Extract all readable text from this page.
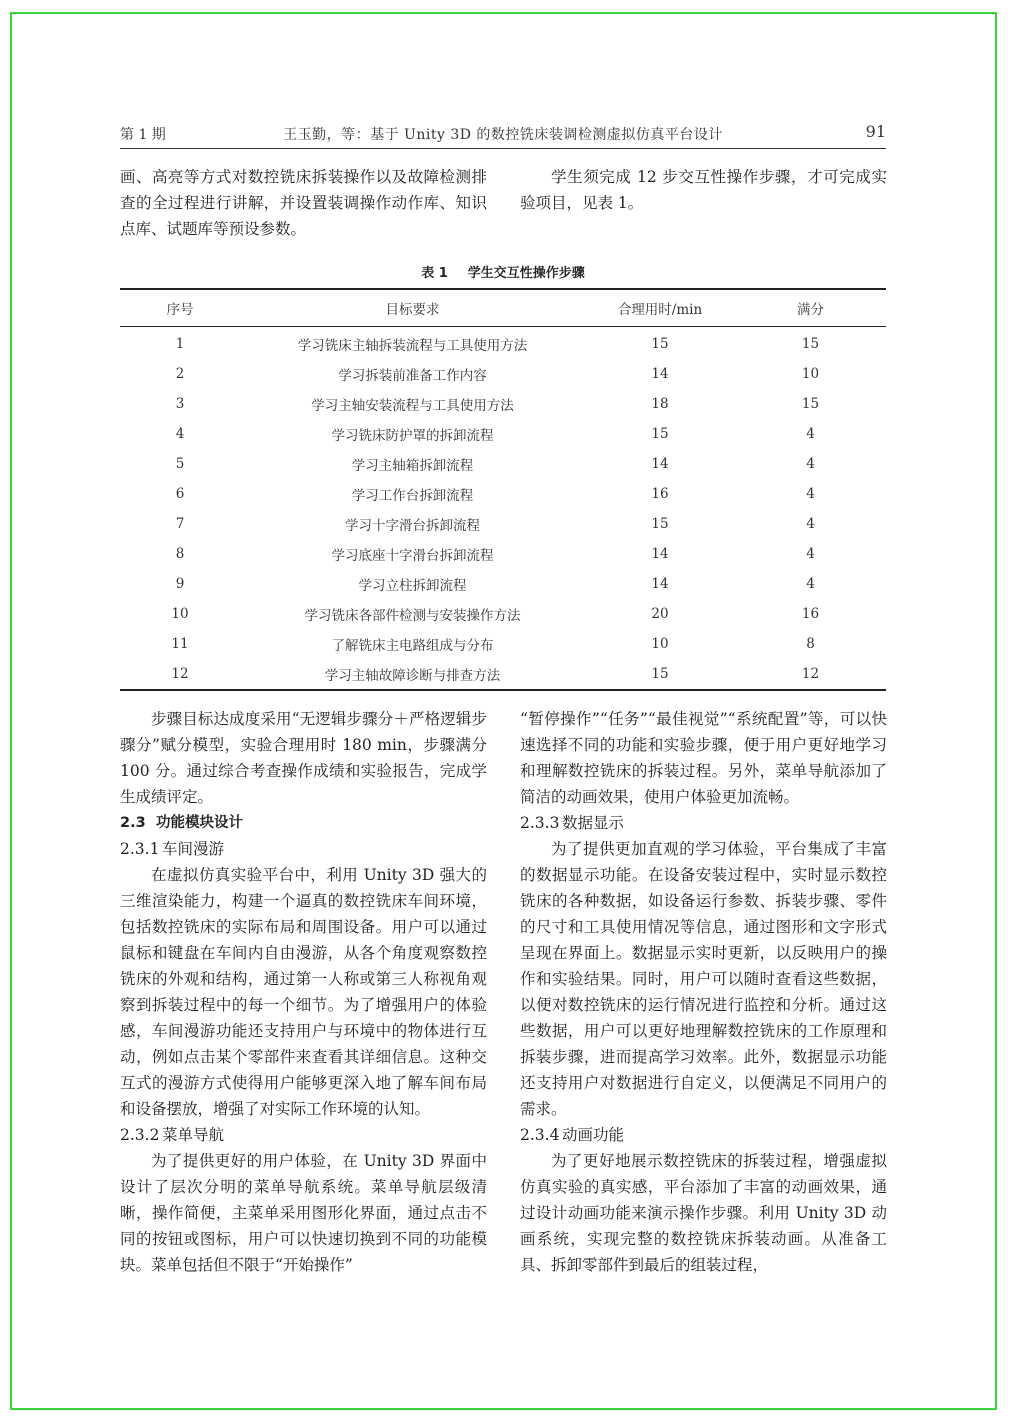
第 1 期	王玉勤，等：基于 Unity 3D 的数控铣床装调检测虚拟仿真平台设计	91

画、高亮等方式对数控铣床拆装操作以及故障检测排查的全过程进行讲解，并设置装调操作动作库、知识点库、试题库等预设参数。

学生须完成 12 步交互性操作步骤，才可完成实验项目，见表 1。

表 1 学生交互性操作步骤
序号	目标要求	合理用时/min	满分
1	学习铣床主轴拆装流程与工具使用方法	15	15
2	学习拆装前准备工作内容	14	10
3	学习主轴安装流程与工具使用方法	18	15
4	学习铣床防护罩的拆卸流程	15	4
5	学习主轴箱拆卸流程	14	4
6	学习工作台拆卸流程	16	4
7	学习十字滑台拆卸流程	15	4
8	学习底座十字滑台拆卸流程	14	4
9	学习立柱拆卸流程	14	4
10	学习铣床各部件检测与安装操作方法	20	16
11	了解铣床主电路组成与分布	10	8
12	学习主轴故障诊断与排查方法	15	12

步骤目标达成度采用“无逻辑步骤分＋严格逻辑步骤分”赋分模型，实验合理用时 180 min，步骤满分 100 分。通过综合考查操作成绩和实验报告，完成学生成绩评定。

2.3 功能模块设计

2.3.1 车间漫游

在虚拟仿真实验平台中，利用 Unity 3D 强大的三维渲染能力，构建一个逼真的数控铣床车间环境，包括数控铣床的实际布局和周围设备。用户可以通过鼠标和键盘在车间内自由漫游，从各个角度观察数控铣床的外观和结构，通过第一人称或第三人称视角观察到拆装过程中的每一个细节。为了增强用户的体验感，车间漫游功能还支持用户与环境中的物体进行互动，例如点击某个零部件来查看其详细信息。这种交互式的漫游方式使得用户能够更深入地了解车间布局和设备摆放，增强了对实际工作环境的认知。

2.3.2 菜单导航

为了提供更好的用户体验，在 Unity 3D 界面中设计了层次分明的菜单导航系统。菜单导航层级清晰，操作简便，主菜单采用图形化界面，通过点击不同的按钮或图标，用户可以快速切换到不同的功能模块。菜单包括但不限于“开始操作”

“暂停操作”“任务”“最佳视觉”“系统配置”等，可以快速选择不同的功能和实验步骤，便于用户更好地学习和理解数控铣床的拆装过程。另外，菜单导航添加了简洁的动画效果，使用户体验更加流畅。

2.3.3 数据显示

为了提供更加直观的学习体验，平台集成了丰富的数据显示功能。在设备安装过程中，实时显示数控铣床的各种数据，如设备运行参数、拆装步骤、零件的尺寸和工具使用情况等信息，通过图形和文字形式呈现在界面上。数据显示实时更新，以反映用户的操作和实验结果。同时，用户可以随时查看这些数据，以便对数控铣床的运行情况进行监控和分析。通过这些数据，用户可以更好地理解数控铣床的工作原理和拆装步骤，进而提高学习效率。此外，数据显示功能还支持用户对数据进行自定义，以便满足不同用户的需求。

2.3.4 动画功能

为了更好地展示数控铣床的拆装过程，增强虚拟仿真实验的真实感，平台添加了丰富的动画效果，通过设计动画功能来演示操作步骤。利用 Unity 3D 动画系统，实现完整的数控铣床拆装动画。从准备工具、拆卸零部件到最后的组装过程，
